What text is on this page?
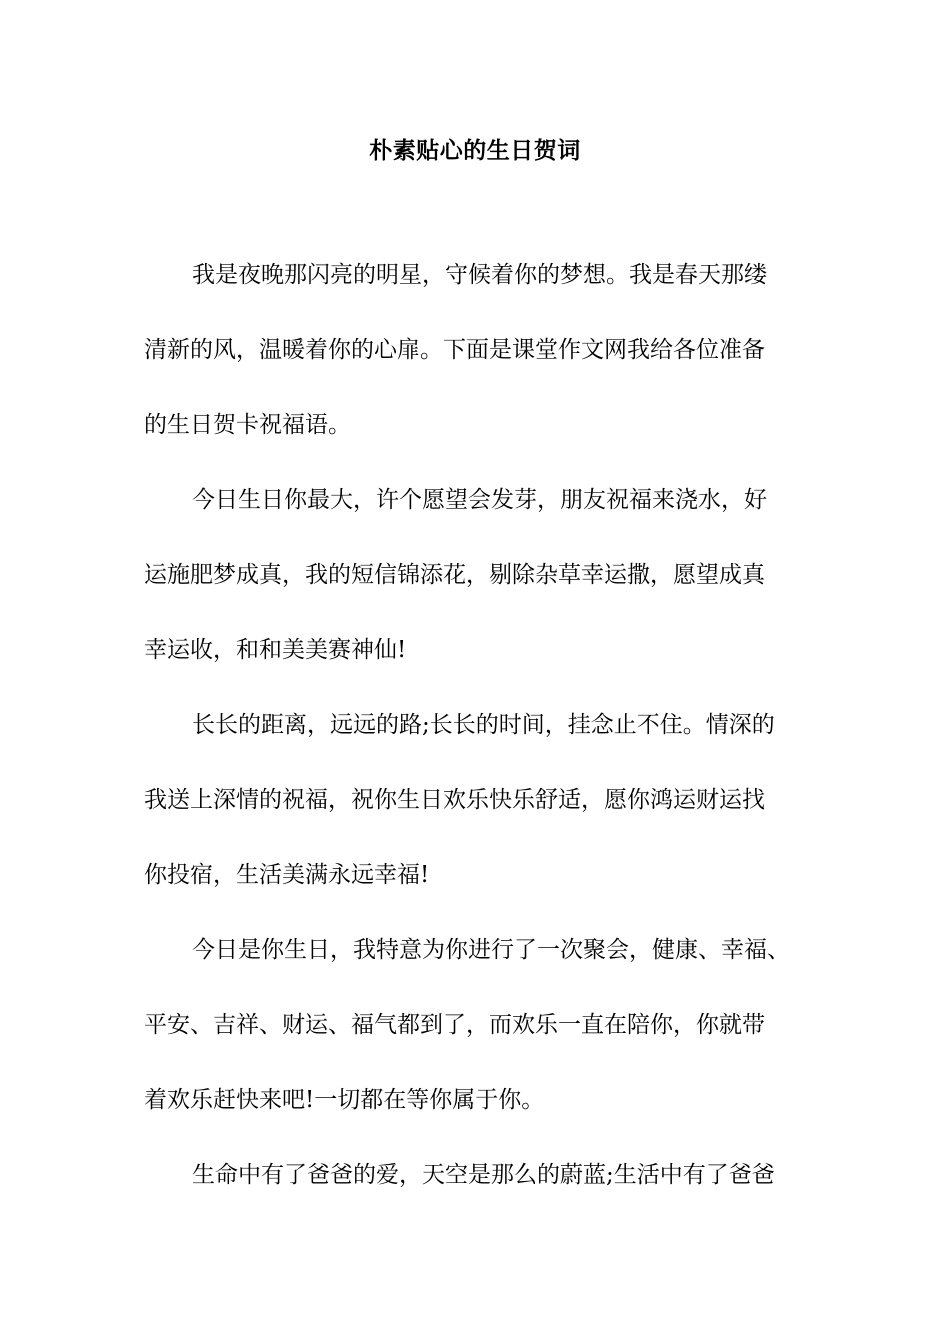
朴素贴心的生日贺词
我是夜晚那闪亮的明星，守候着你的梦想。我是春天那缕
清新的风，温暖着你的心扉。下面是课堂作文网我给各位准备
的生日贺卡祝福语。
今日生日你最大，许个愿望会发芽，朋友祝福来浇水，好
运施肥梦成真，我的短信锦添花，剔除杂草幸运撒，愿望成真
幸运收，和和美美赛神仙!
长长的距离，远远的路;长长的时间，挂念止不住。情深的
我送上深情的祝福，祝你生日欢乐快乐舒适，愿你鸿运财运找
你投宿，生活美满永远幸福!
今日是你生日，我特意为你进行了一次聚会，健康、幸福、
平安、吉祥、财运、福气都到了，而欢乐一直在陪你，你就带
着欢乐赶快来吧!一切都在等你属于你。
生命中有了爸爸的爱，天空是那么的蔚蓝;生活中有了爸爸
